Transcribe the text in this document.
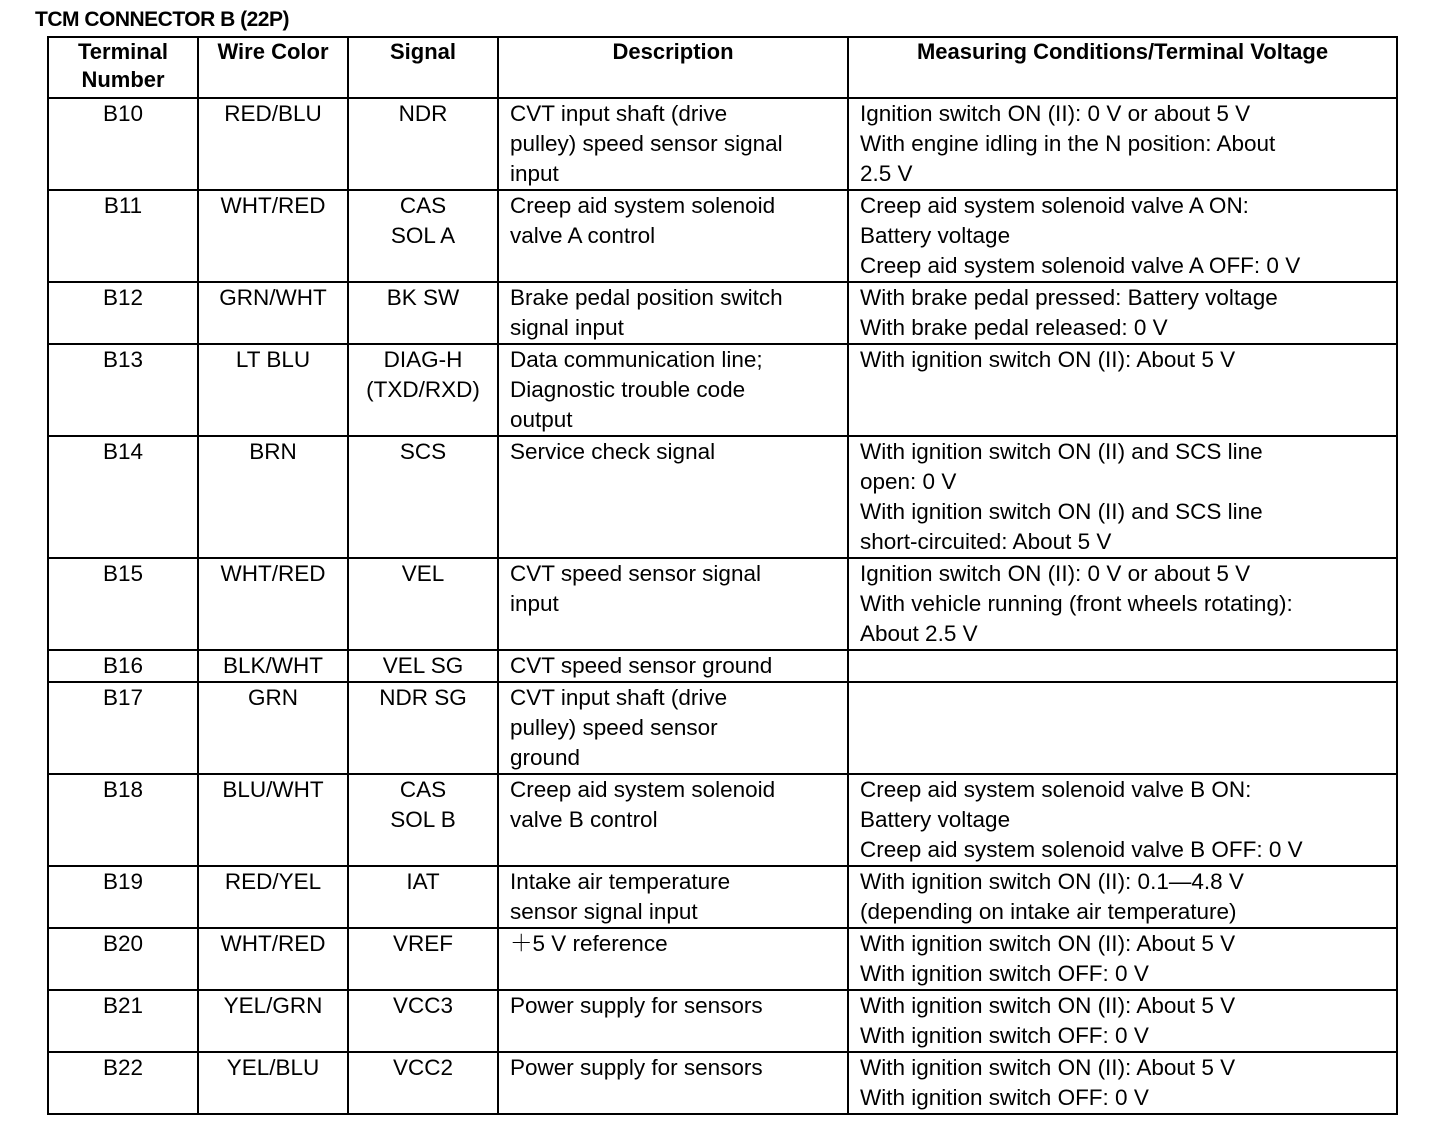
TCM CONNECTOR B (22P)
Terminal
Number	Wire Color	Signal	Description	Measuring Conditions/Terminal Voltage

B10	RED/BLU	NDR	CVT input shaft (drive
pulley) speed sensor signal
input	Ignition switch ON (II): 0 V or about 5 V
With engine idling in the N position: About
2.5 V

B11	WHT/RED	CAS
SOL A	Creep aid system solenoid
valve A control	Creep aid system solenoid valve A ON:
Battery voltage
Creep aid system solenoid valve A OFF: 0 V

B12	GRN/WHT	BK SW	Brake pedal position switch
signal input	With brake pedal pressed: Battery voltage
With brake pedal released: 0 V

B13	LT BLU	DIAG-H
(TXD/RXD)	Data communication line;
Diagnostic trouble code
output	With ignition switch ON (II): About 5 V

B14	BRN	SCS	Service check signal	With ignition switch ON (II) and SCS line
open: 0 V
With ignition switch ON (II) and SCS line
short-circuited: About 5 V

B15	WHT/RED	VEL	CVT speed sensor signal
input	Ignition switch ON (II): 0 V or about 5 V
With vehicle running (front wheels rotating):
About 2.5 V

B16	BLK/WHT	VEL SG	CVT speed sensor ground	

B17	GRN	NDR SG	CVT input shaft (drive
pulley) speed sensor
ground	

B18	BLU/WHT	CAS
SOL B	Creep aid system solenoid
valve B control	Creep aid system solenoid valve B ON:
Battery voltage
Creep aid system solenoid valve B OFF: 0 V

B19	RED/YEL	IAT	Intake air temperature
sensor signal input	With ignition switch ON (II): 0.1—4.8 V
(depending on intake air temperature)

B20	WHT/RED	VREF	＋5 V reference	With ignition switch ON (II): About 5 V
With ignition switch OFF: 0 V

B21	YEL/GRN	VCC3	Power supply for sensors	With ignition switch ON (II): About 5 V
With ignition switch OFF: 0 V

B22	YEL/BLU	VCC2	Power supply for sensors	With ignition switch ON (II): About 5 V
With ignition switch OFF: 0 V
